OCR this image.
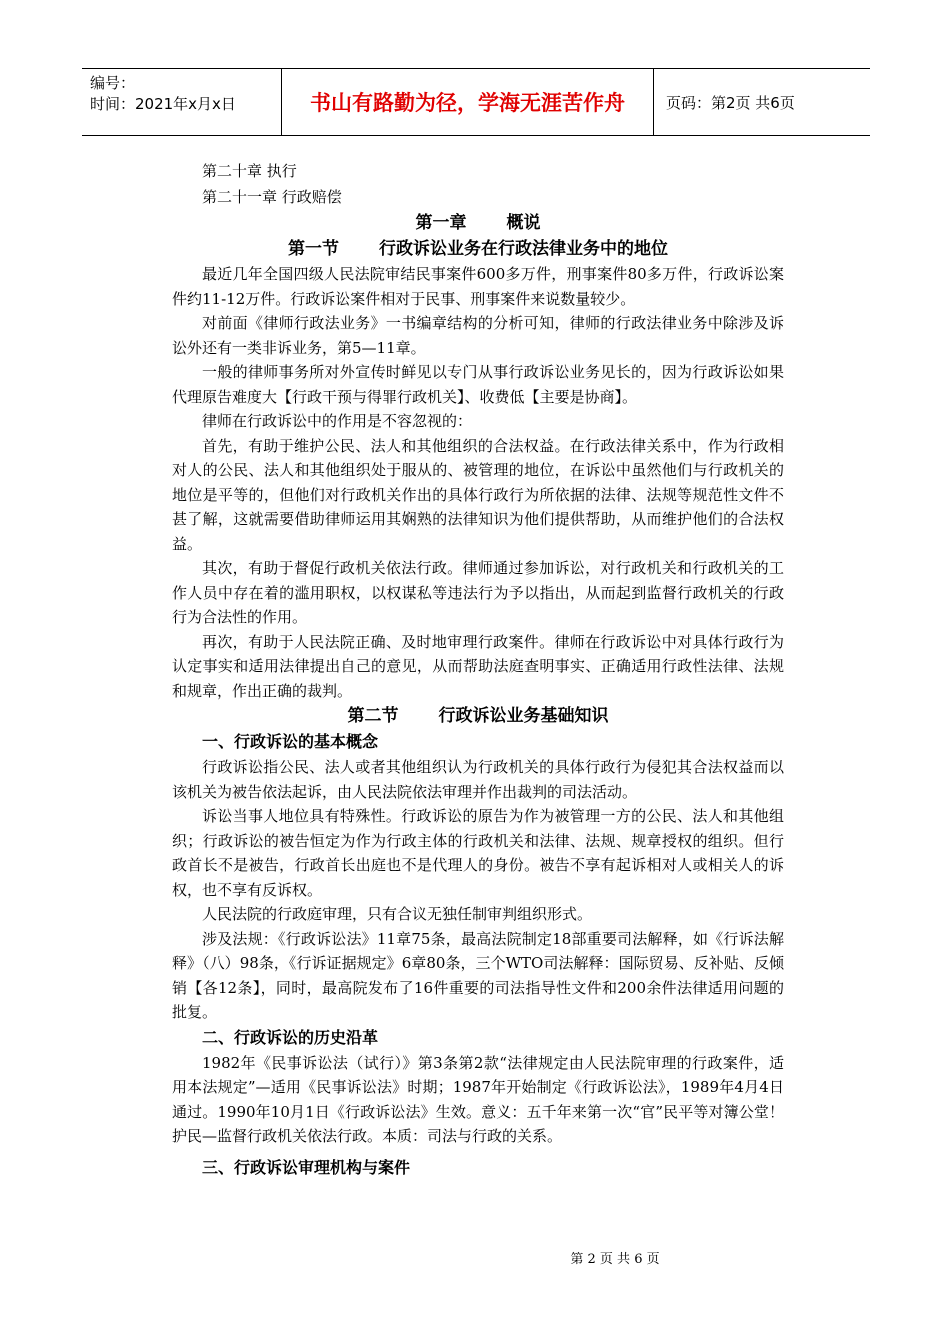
编号：
时间：2021年x月x日	书山有路勤为径，学海无涯苦作舟	页码：第2页 共6页

第二十章 执行

第二十一章 行政赔偿

第一章 概说

第一节 行政诉讼业务在行政法律业务中的地位

最近几年全国四级人民法院审结民事案件600多万件，刑事案件80多万件，行政诉讼案件约11-12万件。行政诉讼案件相对于民事、刑事案件来说数量较少。

对前面《律师行政法业务》一书编章结构的分析可知，律师的行政法律业务中除涉及诉讼外还有一类非诉业务，第5—11章。

一般的律师事务所对外宣传时鲜见以专门从事行政诉讼业务见长的，因为行政诉讼如果代理原告难度大【行政干预与得罪行政机关】、收费低【主要是协商】。

律师在行政诉讼中的作用是不容忽视的：

首先，有助于维护公民、法人和其他组织的合法权益。在行政法律关系中，作为行政相对人的公民、法人和其他组织处于服从的、被管理的地位，在诉讼中虽然他们与行政机关的地位是平等的，但他们对行政机关作出的具体行政行为所依据的法律、法规等规范性文件不甚了解，这就需要借助律师运用其娴熟的法律知识为他们提供帮助，从而维护他们的合法权益。

其次，有助于督促行政机关依法行政。律师通过参加诉讼，对行政机关和行政机关的工作人员中存在着的滥用职权，以权谋私等违法行为予以指出，从而起到监督行政机关的行政行为合法性的作用。

再次，有助于人民法院正确、及时地审理行政案件。律师在行政诉讼中对具体行政行为认定事实和适用法律提出自己的意见，从而帮助法庭查明事实、正确适用行政性法律、法规和规章，作出正确的裁判。

第二节 行政诉讼业务基础知识

一、行政诉讼的基本概念

行政诉讼指公民、法人或者其他组织认为行政机关的具体行政行为侵犯其合法权益而以该机关为被告依法起诉，由人民法院依法审理并作出裁判的司法活动。

诉讼当事人地位具有特殊性。行政诉讼的原告为作为被管理一方的公民、法人和其他组织；行政诉讼的被告恒定为作为行政主体的行政机关和法律、法规、规章授权的组织。但行政首长不是被告，行政首长出庭也不是代理人的身份。被告不享有起诉相对人或相关人的诉权，也不享有反诉权。

人民法院的行政庭审理，只有合议无独任制审判组织形式。

涉及法规：《行政诉讼法》11章75条，最高法院制定18部重要司法解释，如《行诉法解释》（八）98条，《行诉证据规定》6章80条，三个WTO司法解释：国际贸易、反补贴、反倾销【各12条】，同时，最高院发布了16件重要的司法指导性文件和200余件法律适用问题的批复。

二、行政诉讼的历史沿革

1982年《民事诉讼法（试行）》第3条第2款“法律规定由人民法院审理的行政案件，适用本法规定”—适用《民事诉讼法》时期；1987年开始制定《行政诉讼法》，1989年4月4日通过。1990年10月1日《行政诉讼法》生效。意义：五千年来第一次“官”民平等对簿公堂！护民—监督行政机关依法行政。本质：司法与行政的关系。

三、行政诉讼审理机构与案件

第 2 页 共 6 页
